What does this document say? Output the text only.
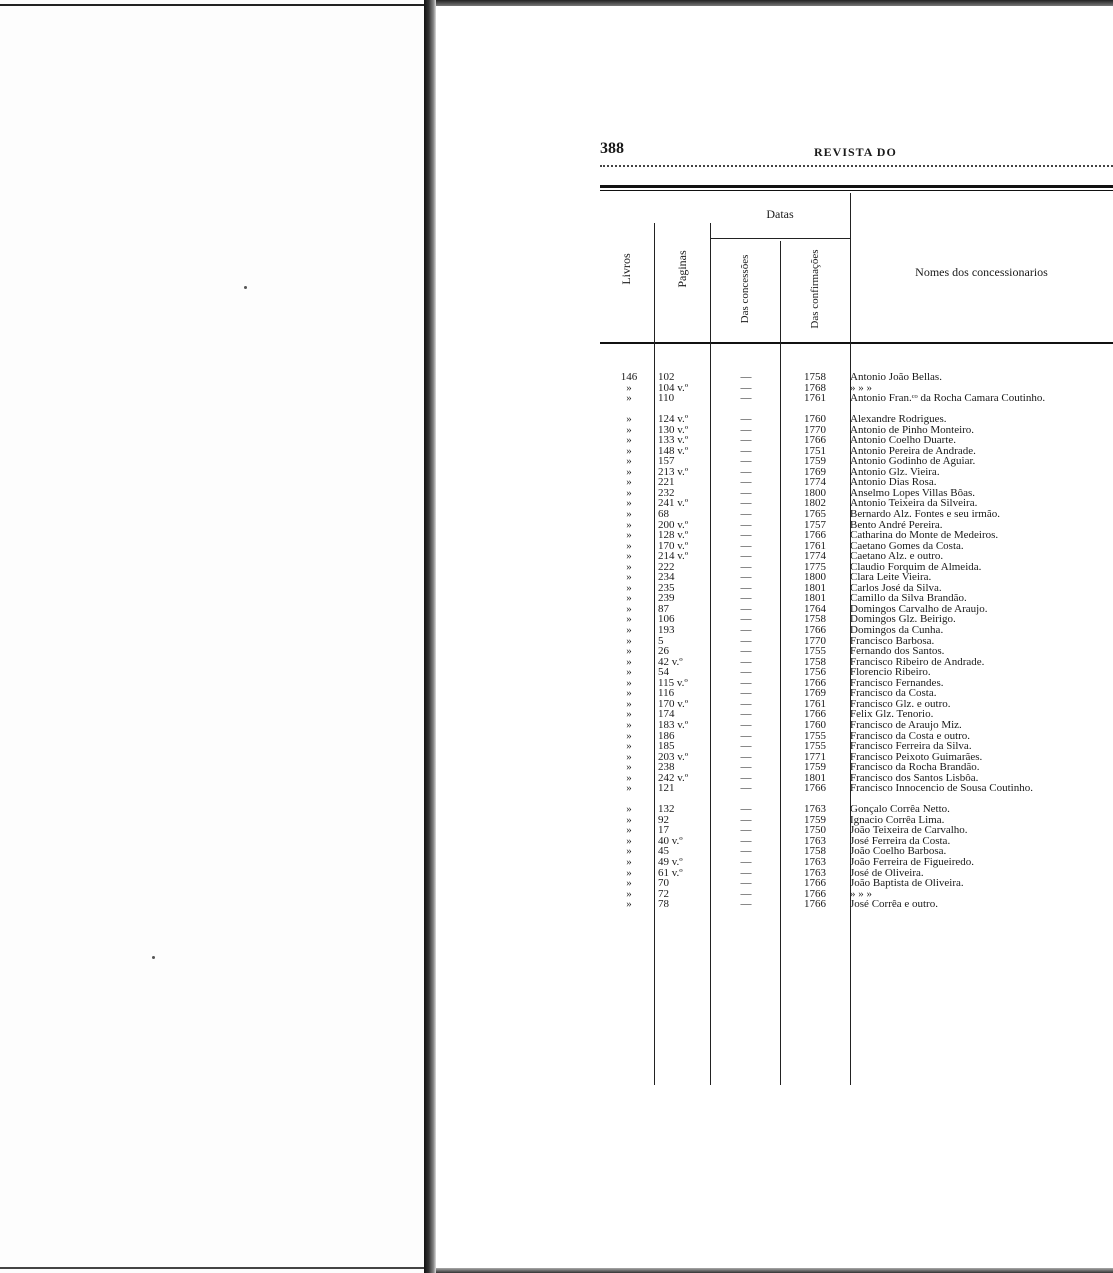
388	REVISTA DO
Livros	Paginas
Datas
Das concessões	Das confirmações	Nomes dos concessionarios
146	102	—	1758	Antonio João Bellas.
»	104 v.º	—	1768	» » »
»	110	—	1761	Antonio Fran.ᶜᵒ da Rocha Camara Coutinho.
»	124 v.º	—	1760	Alexandre Rodrigues.
»	130 v.º	—	1770	Antonio de Pinho Monteiro.
»	133 v.º	—	1766	Antonio Coelho Duarte.
»	148 v.º	—	1751	Antonio Pereira de Andrade.
»	157	—	1759	Antonio Godinho de Aguiar.
»	213 v.º	—	1769	Antonio Glz. Vieira.
»	221	—	1774	Antonio Dias Rosa.
»	232	—	1800	Anselmo Lopes Villas Bôas.
»	241 v.º	—	1802	Antonio Teixeira da Silveira.
»	68	—	1765	Bernardo Alz. Fontes e seu irmão.
»	200 v.º	—	1757	Bento André Pereira.
»	128 v.º	—	1766	Catharina do Monte de Medeiros.
»	170 v.º	—	1761	Caetano Gomes da Costa.
»	214 v.º	—	1774	Caetano Alz. e outro.
»	222	—	1775	Claudio Forquim de Almeida.
»	234	—	1800	Clara Leite Vieira.
»	235	—	1801	Carlos José da Silva.
»	239	—	1801	Camillo da Silva Brandão.
»	87	—	1764	Domingos Carvalho de Araujo.
»	106	—	1758	Domingos Glz. Beirigo.
»	193	—	1766	Domingos da Cunha.
»	5	—	1770	Francisco Barbosa.
»	26	—	1755	Fernando dos Santos.
»	42 v.º	—	1758	Francisco Ribeiro de Andrade.
»	54	—	1756	Florencio Ribeiro.
»	115 v.º	—	1766	Francisco Fernandes.
»	116	—	1769	Francisco da Costa.
»	170 v.º	—	1761	Francisco Glz. e outro.
»	174	—	1766	Felix Glz. Tenorio.
»	183 v.º	—	1760	Francisco de Araujo Miz.
»	186	—	1755	Francisco da Costa e outro.
»	185	—	1755	Francisco Ferreira da Silva.
»	203 v.º	—	1771	Francisco Peixoto Guimarães.
»	238	—	1759	Francisco da Rocha Brandão.
»	242 v.º	—	1801	Francisco dos Santos Lisbôa.
»	121	—	1766	Francisco Innocencio de Sousa Coutinho.
»	132	—	1763	Gonçalo Corrêa Netto.
»	92	—	1759	Ignacio Corrêa Lima.
»	17	—	1750	João Teixeira de Carvalho.
»	40 v.º	—	1763	José Ferreira da Costa.
»	45	—	1758	João Coelho Barbosa.
»	49 v.º	—	1763	João Ferreira de Figueiredo.
»	61 v.º	—	1763	José de Oliveira.
»	70	—	1766	João Baptista de Oliveira.
»	72	—	1766	» » »
»	78	—	1766	José Corrêa e outro.
